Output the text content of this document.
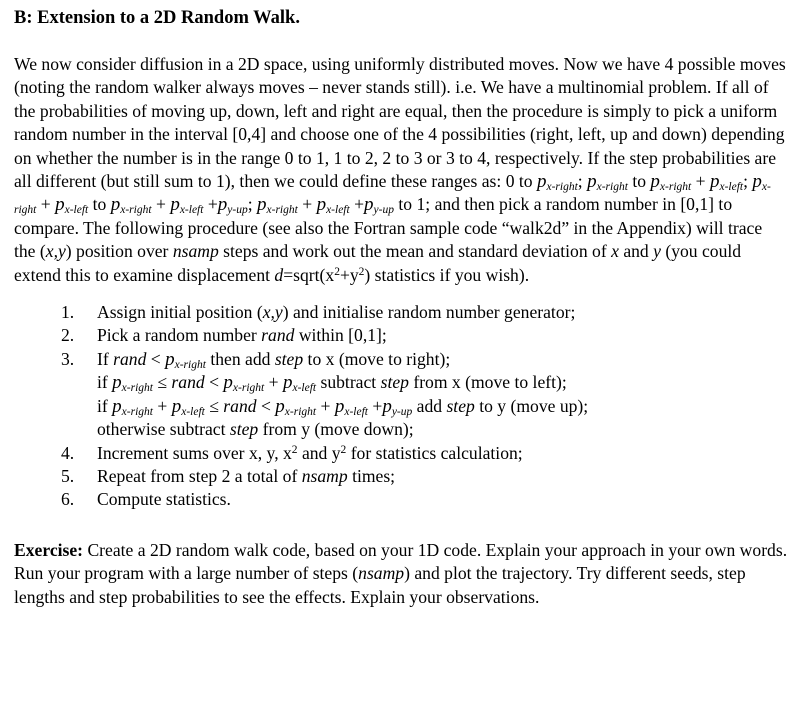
B: Extension to a 2D Random Walk.

We now consider diffusion in a 2D space, using uniformly distributed moves. Now we have 4 possible moves (noting the random walker always moves – never stands still). i.e. We have a multinomial problem. If all of the probabilities of moving up, down, left and right are equal, then the procedure is simply to pick a uniform random number in the interval [0,4] and choose one of the 4 possibilities (right, left, up and down) depending on whether the number is in the range 0 to 1, 1 to 2, 2 to 3 or 3 to 4, respectively. If the step probabilities are all different (but still sum to 1), then we could define these ranges as: 0 to $p_{x-right}$; $p_{x-right}$ to $p_{x-right} + p_{x-left}$; $p_{x-right} + p_{x-left}$ to $p_{x-right} + p_{x-left} +p_{y-up}$; $p_{x-right} + p_{x-left} +p_{y-up}$ to 1; and then pick a random number in [0,1] to compare. The following procedure (see also the Fortran sample code “walk2d” in the Appendix) will trace the (x,y) position over nsamp steps and work out the mean and standard deviation of x and y (you could extend this to examine displacement $d=sqrt(x^2+y^2)$ statistics if you wish).

1. Assign initial position (x,y) and initialise random number generator;
2. Pick a random number rand within [0,1];
3. If rand < $p_{x-right}$ then add step to x (move to right);
if $p_{x-right}$ ≤ rand < $p_{x-right} + p_{x-left}$ subtract step from x (move to left);
if $p_{x-right} + p_{x-left}$ ≤ rand < $p_{x-right} + p_{x-left} +p_{y-up}$ add step to y (move up);
otherwise subtract step from y (move down);
4. Increment sums over x, y, $x^2$ and $y^2$ for statistics calculation;
5. Repeat from step 2 a total of nsamp times;
6. Compute statistics.

Exercise: Create a 2D random walk code, based on your 1D code. Explain your approach in your own words. Run your program with a large number of steps (nsamp) and plot the trajectory. Try different seeds, step lengths and step probabilities to see the effects. Explain your observations.
